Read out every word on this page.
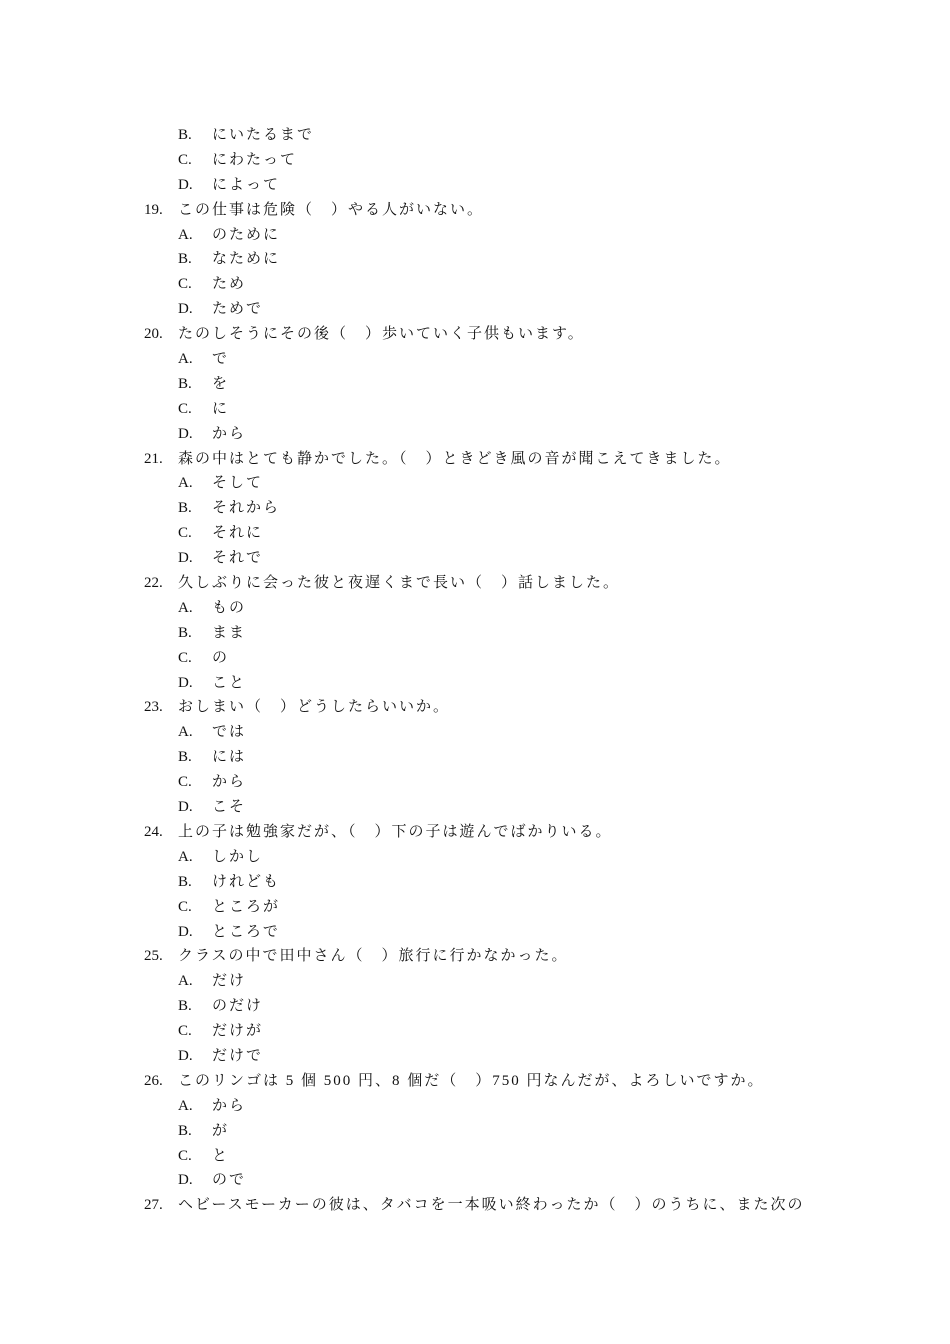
B. にいたるまで
C. にわたって
D. によって
19. この仕事は危険（　）やる人がいない。
A. のために
B. なために
C. ため
D. ためで
20. たのしそうにその後（　）歩いていく子供もいます。
A. で
B. を
C. に
D. から
21. 森の中はとても静かでした。（　）ときどき風の音が聞こえてきました。
A. そして
B. それから
C. それに
D. それで
22. 久しぶりに会った彼と夜遅くまで長い（　）話しました。
A. もの
B. まま
C. の
D. こと
23. おしまい（　）どうしたらいいか。
A. では
B. には
C. から
D. こそ
24. 上の子は勉強家だが、（　）下の子は遊んでばかりいる。
A. しかし
B. けれども
C. ところが
D. ところで
25. クラスの中で田中さん（　）旅行に行かなかった。
A. だけ
B. のだけ
C. だけが
D. だけで
26. このリンゴは 5 個 500 円、8 個だ（　）750 円なんだが、よろしいですか。
A. から
B. が
C. と
D. ので
27. ヘビースモーカーの彼は、タバコを一本吸い終わったか（　）のうちに、また次の
